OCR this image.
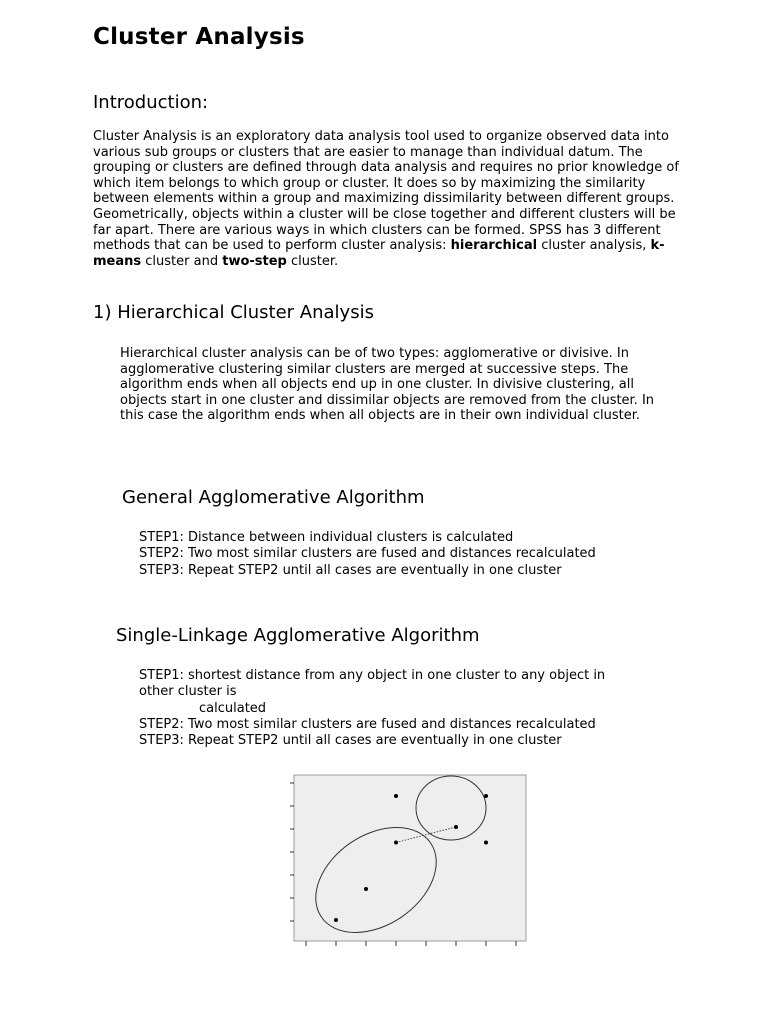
Cluster Analysis
Introduction:

Cluster Analysis is an exploratory data analysis tool used to organize observed data into various sub groups or clusters that are easier to manage than individual datum. The grouping or clusters are defined through data analysis and requires no prior knowledge of which item belongs to which group or cluster. It does so by maximizing the similarity between elements within a group and maximizing dissimilarity between different groups. Geometrically, objects within a cluster will be close together and different clusters will be far apart. There are various ways in which clusters can be formed. SPSS has 3 different methods that can be used to perform cluster analysis: hierarchical cluster analysis, k-means cluster and two-step cluster.

1) Hierarchical Cluster Analysis

Hierarchical cluster analysis can be of two types: agglomerative or divisive. In agglomerative clustering similar clusters are merged at successive steps. The algorithm ends when all objects end up in one cluster. In divisive clustering, all objects start in one cluster and dissimilar objects are removed from the cluster. In this case the algorithm ends when all objects are in their own individual cluster.

General Agglomerative Algorithm
STEP1: Distance between individual clusters is calculated
STEP2: Two most similar clusters are fused and distances recalculated
STEP3: Repeat STEP2 until all cases are eventually in one cluster
Single-Linkage Agglomerative Algorithm
STEP1: shortest distance from any object in one cluster to any object in
other cluster is
calculated
STEP2: Two most similar clusters are fused and distances recalculated
STEP3: Repeat STEP2 until all cases are eventually in one cluster
